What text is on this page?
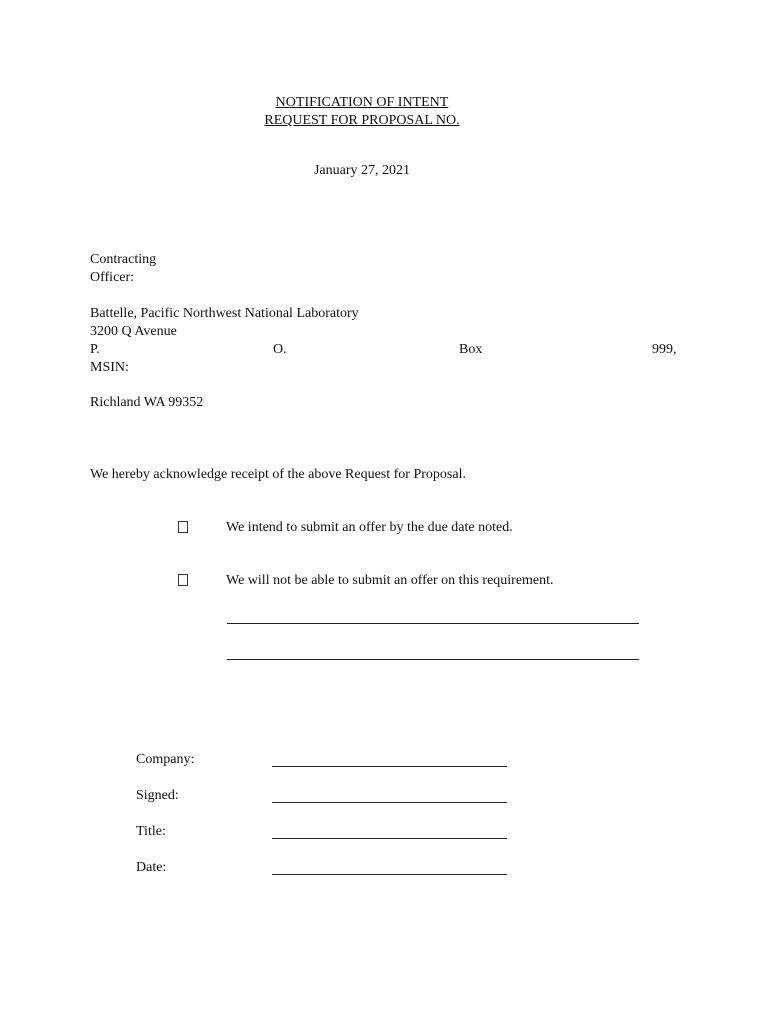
NOTIFICATION OF INTENT
REQUEST FOR PROPOSAL NO.
January 27, 2021
Contracting
Officer:
Battelle, Pacific Northwest National Laboratory
3200 Q Avenue
P.	O.	Box	999,
MSIN:
Richland WA 99352
We hereby acknowledge receipt of the above Request for Proposal.
We intend to submit an offer by the due date noted.
We will not be able to submit an offer on this requirement.
Company:
Signed:
Title:
Date:
